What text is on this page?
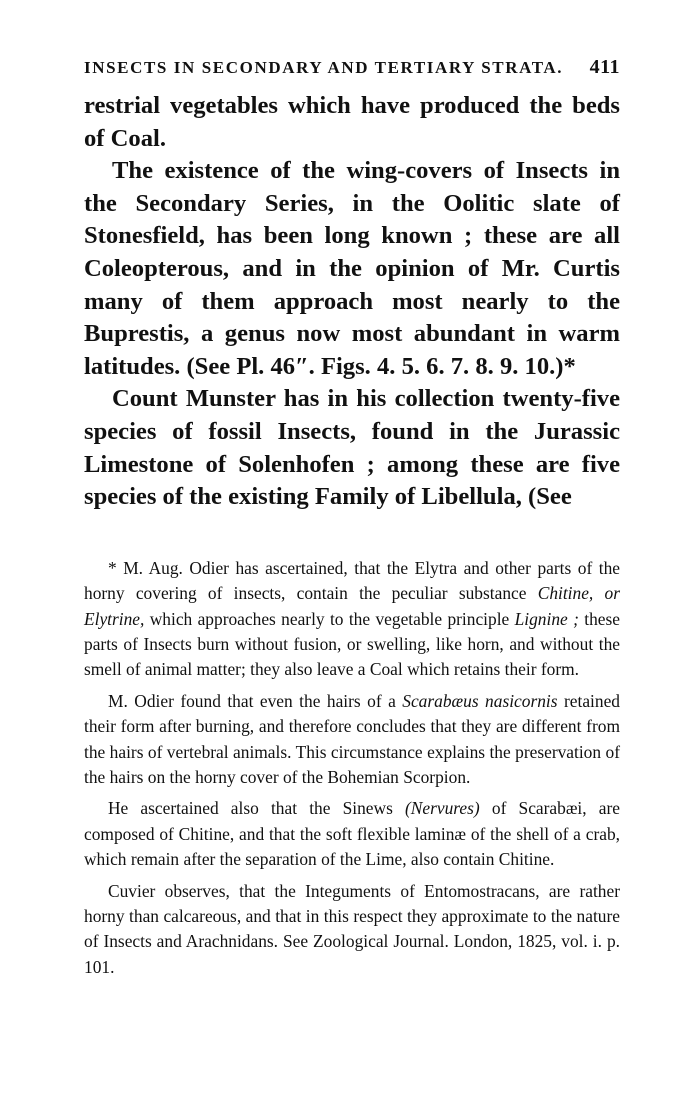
INSECTS IN SECONDARY AND TERTIARY STRATA. 411

restrial vegetables which have produced the beds of Coal.

The existence of the wing-covers of Insects in the Secondary Series, in the Oolitic slate of Stonesfield, has been long known ; these are all Coleopterous, and in the opinion of Mr. Curtis many of them approach most nearly to the Buprestis, a genus now most abundant in warm latitudes. (See Pl. 46″. Figs. 4. 5. 6. 7. 8. 9. 10.)*

Count Munster has in his collection twenty-five species of fossil Insects, found in the Jurassic Limestone of Solenhofen ; among these are five species of the existing Family of Libellula, (See

* M. Aug. Odier has ascertained, that the Elytra and other parts of the horny covering of insects, contain the peculiar substance Chitine, or Elytrine, which approaches nearly to the vegetable principle Lignine ; these parts of Insects burn without fusion, or swelling, like horn, and without the smell of animal matter; they also leave a Coal which retains their form.

M. Odier found that even the hairs of a Scarabæus nasicornis retained their form after burning, and therefore concludes that they are different from the hairs of vertebral animals. This circumstance explains the preservation of the hairs on the horny cover of the Bohemian Scorpion.

He ascertained also that the Sinews (Nervures) of Scarabæi, are composed of Chitine, and that the soft flexible laminæ of the shell of a crab, which remain after the separation of the Lime, also contain Chitine.

Cuvier observes, that the Integuments of Entomostracans, are rather horny than calcareous, and that in this respect they approximate to the nature of Insects and Arachnidans. See Zoological Journal. London, 1825, vol. i. p. 101.
